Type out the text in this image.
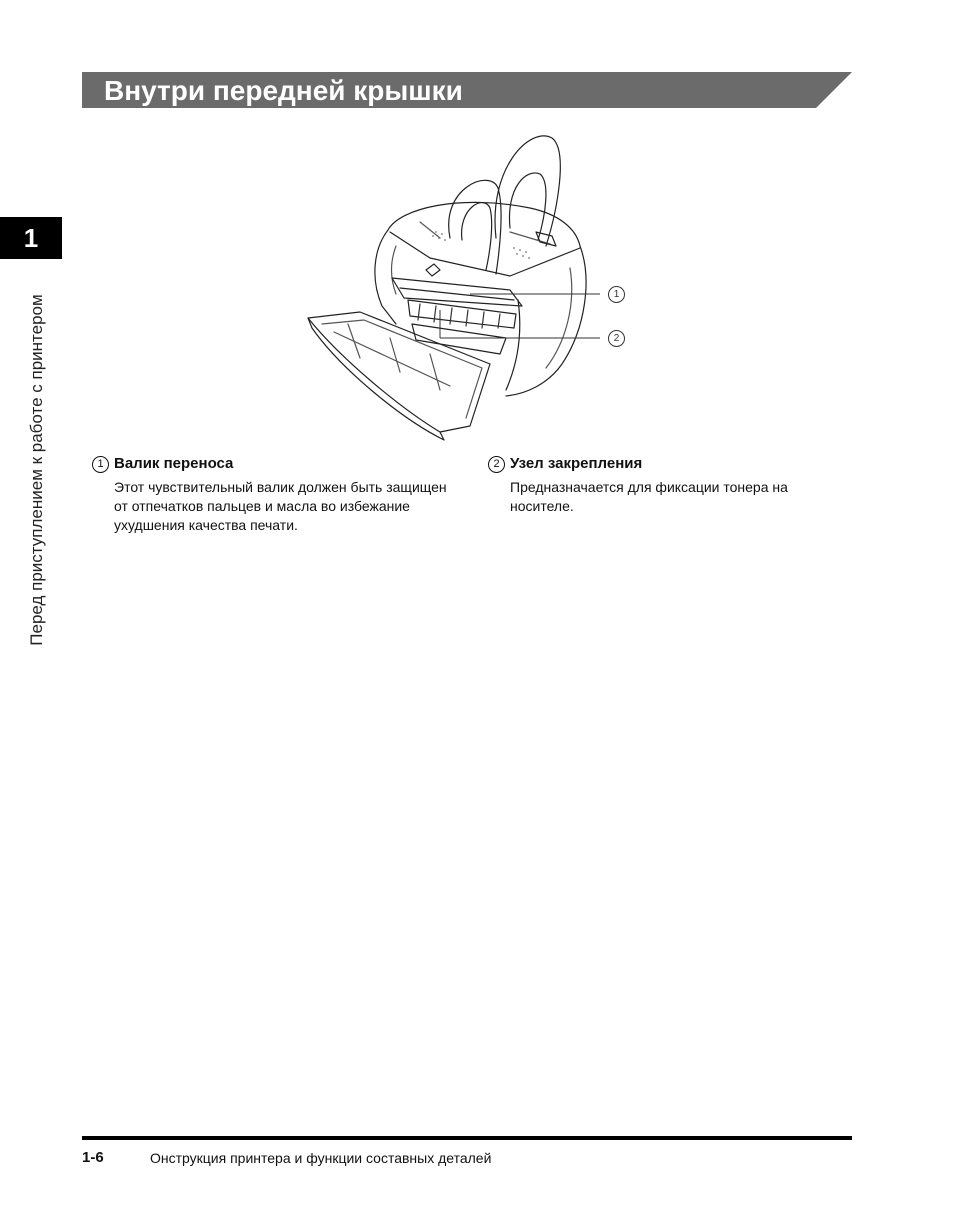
Внутри передней крышки
1
Перед приступлением к работе с принтером	1
2
1 Валик переноса
Этот чувствительный валик должен быть защищен от отпечатков пальцев и масла во избежание ухудшения качества печати.
2 Узел закрепления
Предназначается для фиксации тонера на носителе.
1-6	Онструкция принтера и функции составных деталей
